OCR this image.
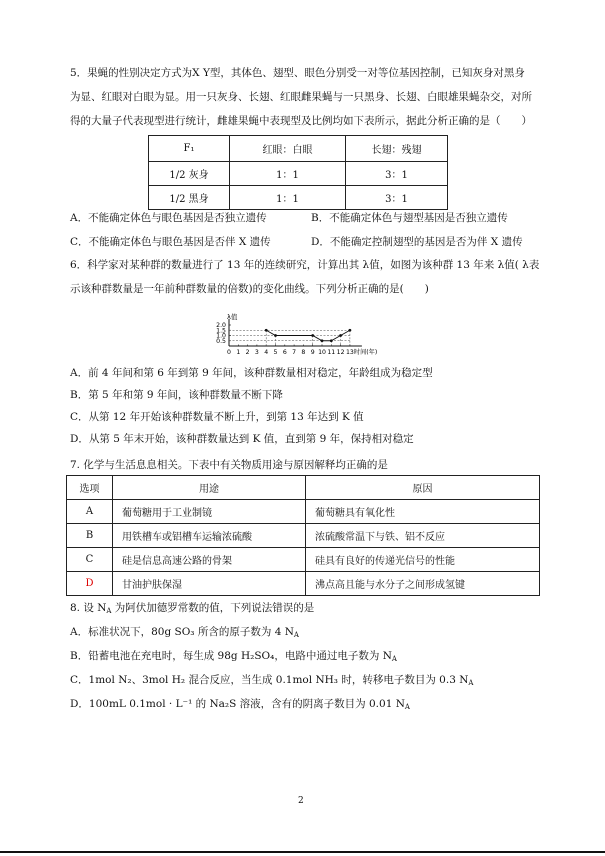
5．果蝇的性别决定方式为X Y型，其体色、翅型、眼色分别受一对等位基因控制，已知灰身对黑身
为显、红眼对白眼为显。用一只灰身、长翅、红眼雌果蝇与一只黑身、长翅、白眼雄果蝇杂交，对所
得的大量子代表现型进行统计，雌雄果蝇中表现型及比例均如下表所示，据此分析正确的是（　　）
F₁	红眼：白眼	长翅：残翅
1/2 灰身	1：1	3：1
1/2 黑身	1：1	3：1
A．不能确定体色与眼色基因是否独立遗传	B．不能确定体色与翅型基因是否独立遗传
C．不能确定体色与眼色基因是否伴 X 遗传	D．不能确定控制翅型的基因是否为伴 X 遗传
6．科学家对某种群的数量进行了 13 年的连续研究，计算出其 λ值，如图为该种群 13 年来 λ值( λ表
示该种群数量是一年前种群数量的倍数)的变化曲线。下列分析正确的是(　　)
λ值
2.0
1.5
1.0
0.5
0 1 2 3 4 5 6 7 8 9 10 11 12 13 时间(年)
A．前 4 年间和第 6 年到第 9 年间，该种群数量相对稳定，年龄组成为稳定型
B．第 5 年和第 9 年间，该种群数量不断下降
C．从第 12 年开始该种群数量不断上升，到第 13 年达到 K 值
D．从第 5 年末开始，该种群数量达到 K 值，直到第 9 年，保持相对稳定
7. 化学与生活息息相关。下表中有关物质用途与原因解释均正确的是
选项	用途	原因
A	葡萄糖用于工业制镜	葡萄糖具有氧化性
B	用铁槽车或铝槽车运输浓硫酸	浓硫酸常温下与铁、铝不反应
C	硅是信息高速公路的骨架	硅具有良好的传递光信号的性能
D	甘油护肤保湿	沸点高且能与水分子之间形成氢键
8. 设 $N_A$ 为阿伏加德罗常数的值，下列说法错误的是
A．标准状况下，80g SO₃ 所含的原子数为 4 $N_A$
B．铅蓄电池在充电时，每生成 98g H₂SO₄，电路中通过电子数为 $N_A$
C．1mol N₂、3mol H₂ 混合反应，当生成 0.1mol NH₃ 时，转移电子数目为 0.3 $N_A$
D．100mL 0.1mol · L⁻¹ 的 Na₂S 溶液，含有的阴离子数目为 0.01 $N_A$
2
